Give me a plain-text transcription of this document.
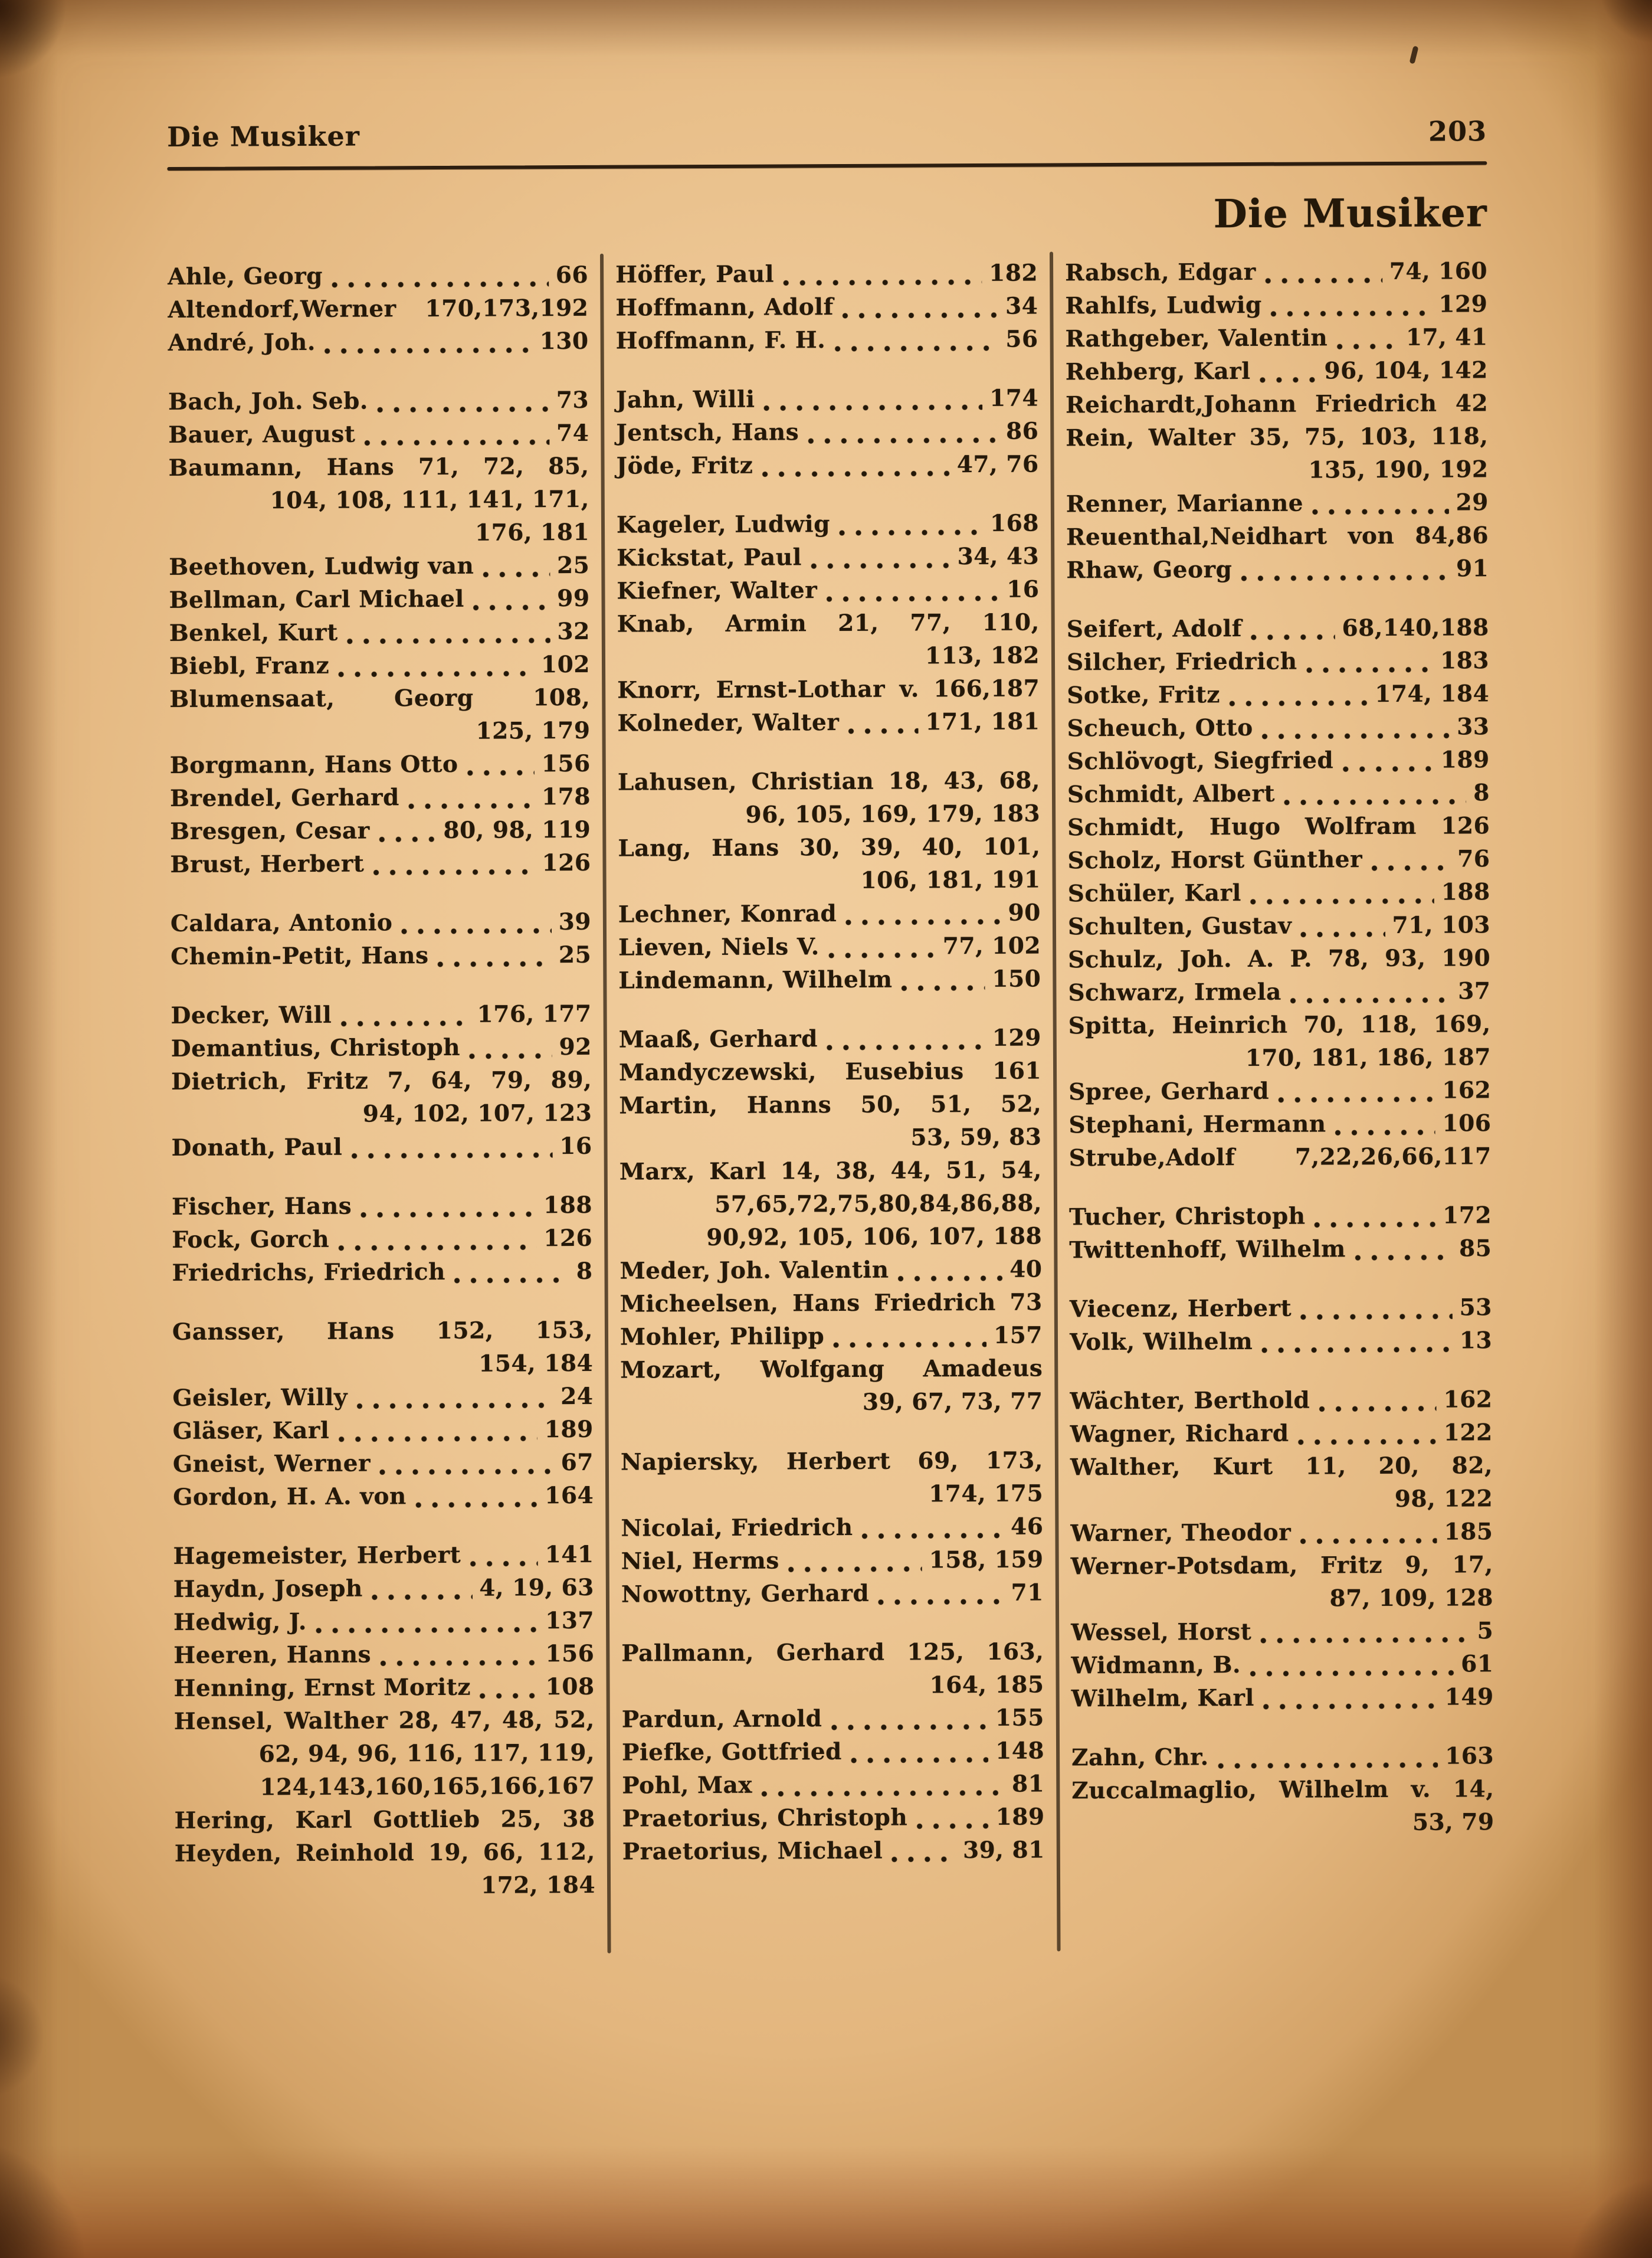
Die Musiker	203
Die Musiker
Ahle, Georg	66
Altendorf,Werner 170,173,192
André, Joh.	130
Bach, Joh. Seb.	73
Bauer, August	74
Baumann, Hans 71, 72, 85,
104, 108, 111, 141, 171,
176, 181
Beethoven, Ludwig van	25
Bellman, Carl Michael	99
Benkel, Kurt	32
Biebl, Franz	102
Blumensaat, Georg	108,
125, 179
Borgmann, Hans Otto	156
Brendel, Gerhard	178
Bresgen, Cesar	80, 98, 119
Brust, Herbert	126
Caldara, Antonio	39
Chemin-Petit, Hans	25
Decker, Will	176, 177
Demantius, Christoph	92
Dietrich, Fritz 7, 64, 79, 89,
94, 102, 107, 123
Donath, Paul	16
Fischer, Hans	188
Fock, Gorch	126
Friedrichs, Friedrich	8
Gansser, Hans 152, 153,
154, 184
Geisler, Willy	24
Gläser, Karl	189
Gneist, Werner	67
Gordon, H. A. von	164
Hagemeister, Herbert	141
Haydn, Joseph	4, 19, 63
Hedwig, J.	137
Heeren, Hanns	156
Henning, Ernst Moritz	108
Hensel, Walther 28, 47, 48, 52,
62, 94, 96, 116, 117, 119,
124,143,160,165,166,167
Hering, Karl Gottlieb 25, 38
Heyden, Reinhold 19, 66, 112,
172, 184
Höffer, Paul	182
Hoffmann, Adolf	34
Hoffmann, F. H.	56
Jahn, Willi	174
Jentsch, Hans	86
Jöde, Fritz	47, 76
Kageler, Ludwig	168
Kickstat, Paul	34, 43
Kiefner, Walter	16
Knab, Armin 21, 77, 110,
113, 182
Knorr, Ernst-Lothar v. 166,187
Kolneder, Walter	171, 181
Lahusen, Christian 18, 43, 68,
96, 105, 169, 179, 183
Lang, Hans 30, 39, 40, 101,
106, 181, 191
Lechner, Konrad	90
Lieven, Niels V.	77, 102
Lindemann, Wilhelm	150
Maaß, Gerhard	129
Mandyczewski, Eusebius 161
Martin, Hanns 50, 51, 52,
53, 59, 83
Marx, Karl 14, 38, 44, 51, 54,
57,65,72,75,80,84,86,88,
90,92, 105, 106, 107, 188
Meder, Joh. Valentin	40
Micheelsen, Hans Friedrich 73
Mohler, Philipp	157
Mozart, Wolfgang Amadeus
39, 67, 73, 77
Napiersky, Herbert 69, 173,
174, 175
Nicolai, Friedrich	46
Niel, Herms	158, 159
Nowottny, Gerhard	71
Pallmann, Gerhard 125, 163,
164, 185
Pardun, Arnold	155
Piefke, Gottfried	148
Pohl, Max	81
Praetorius, Christoph	189
Praetorius, Michael	39, 81
Rabsch, Edgar	74, 160
Rahlfs, Ludwig	129
Rathgeber, Valentin	17, 41
Rehberg, Karl	96, 104, 142
Reichardt,Johann Friedrich 42
Rein, Walter 35, 75, 103, 118,
135, 190, 192
Renner, Marianne	29
Reuenthal,Neidhart von 84,86
Rhaw, Georg	91
Seifert, Adolf	68,140,188
Silcher, Friedrich	183
Sotke, Fritz	174, 184
Scheuch, Otto	33
Schlövogt, Siegfried	189
Schmidt, Albert	8
Schmidt, Hugo Wolfram 126
Scholz, Horst Günther	76
Schüler, Karl	188
Schulten, Gustav	71, 103
Schulz, Joh. A. P. 78, 93, 190
Schwarz, Irmela	37
Spitta, Heinrich 70, 118, 169,
170, 181, 186, 187
Spree, Gerhard	162
Stephani, Hermann	106
Strube,Adolf	7,22,26,66,117
Tucher, Christoph	172
Twittenhoff, Wilhelm	85
Viecenz, Herbert	53
Volk, Wilhelm	13
Wächter, Berthold	162
Wagner, Richard	122
Walther, Kurt 11, 20, 82,
98, 122
Warner, Theodor	185
Werner-Potsdam, Fritz 9, 17,
87, 109, 128
Wessel, Horst	5
Widmann, B.	61
Wilhelm, Karl	149
Zahn, Chr.	163
Zuccalmaglio, Wilhelm v. 14,
53, 79
